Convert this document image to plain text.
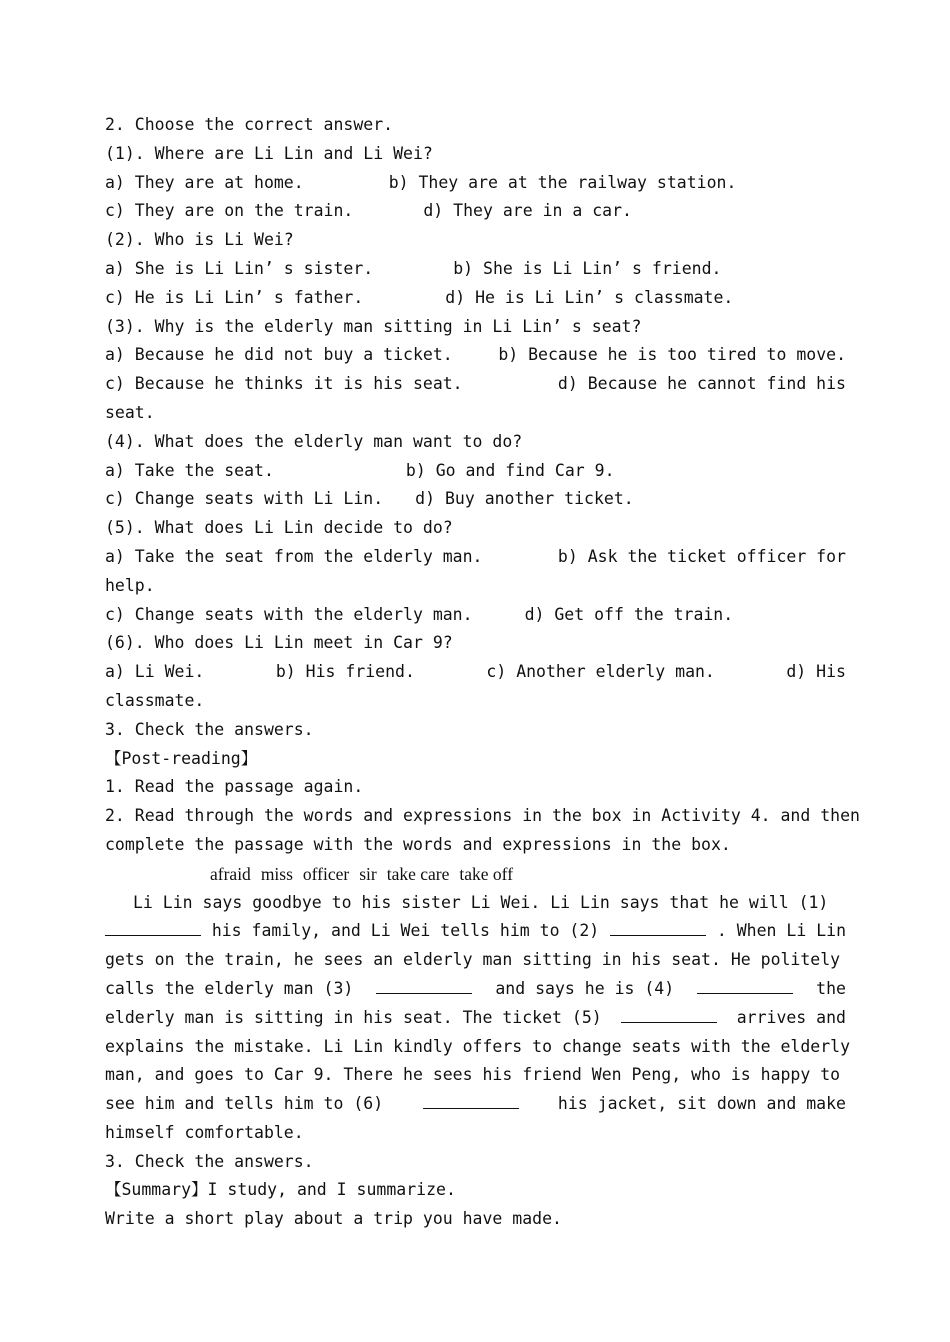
2. Choose the correct answer.
(1). Where are Li Lin and Li Wei?
a) They are at home.	b) They are at the railway station.
c) They are on the train.	d) They are in a car.
(2). Who is Li Wei?
a) She is Li Lin’ s sister.	b) She is Li Lin’ s friend.
c) He is Li Lin’ s father.	d) He is Li Lin’ s classmate.
(3). Why is the elderly man sitting in Li Lin’ s seat?
a) Because he did not buy a ticket.	b) Because he is too tired to move.
c) Because he thinks it is his seat.	d) Because he cannot find his
seat.
(4). What does the elderly man want to do?
a) Take the seat.	b) Go and find Car 9.
c) Change seats with Li Lin. d) Buy another ticket.
(5). What does Li Lin decide to do?
a) Take the seat from the elderly man.	b) Ask the ticket officer for
help.
c) Change seats with the elderly man.	d) Get off the train.
(6). Who does Li Lin meet in Car 9?
a) Li Wei.	b) His friend.	c) Another elderly man.	d) His
classmate.
3. Check the answers.
【Post-reading】
1. Read the passage again.
2. Read through the words and expressions in the box in Activity 4. and then
complete the passage with the words and expressions in the box.
afraid miss officer sir take care take off
Li Lin says goodbye to his sister Li Wei. Li Lin says that he will (1)
his family, and Li Wei tells him to (2)	. When Li Lin
gets on the train, he sees an elderly man sitting in his seat. He politely
calls the elderly man (3)	and says he is (4)	the
elderly man is sitting in his seat. The ticket (5)	arrives and
explains the mistake. Li Lin kindly offers to change seats with the elderly
man, and goes to Car 9. There he sees his friend Wen Peng, who is happy to
see him and tells him to (6)	his jacket, sit down and make
himself comfortable.
3. Check the answers.
【Summary】I study, and I summarize.
Write a short play about a trip you have made.
